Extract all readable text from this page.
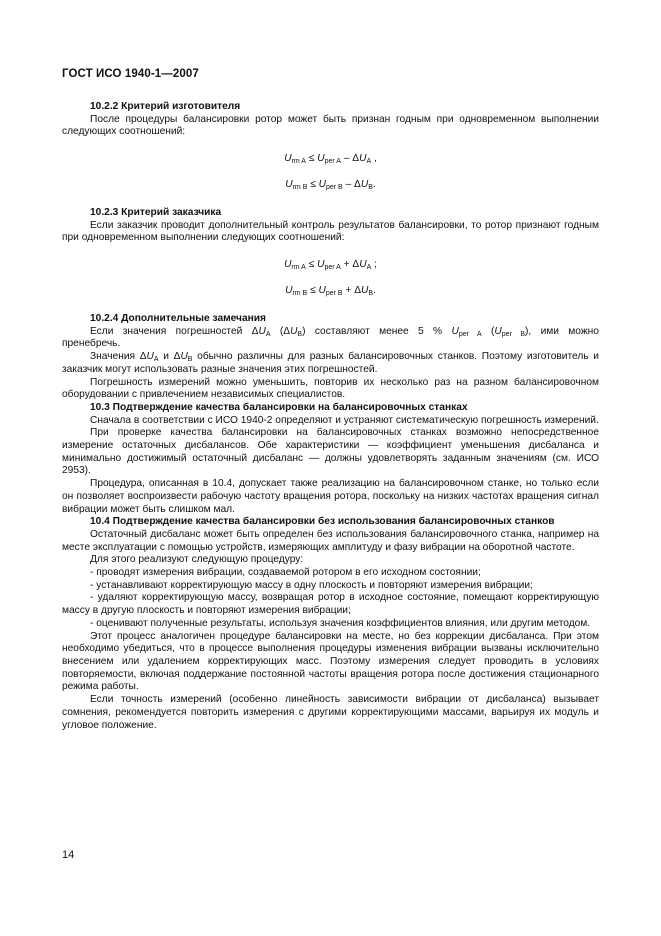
ГОСТ ИСО 1940-1—2007
10.2.2 Критерий изготовителя
После процедуры балансировки ротор может быть признан годным при одновременном выполнении следующих соотношений:
$U_{rm A} \le U_{per A} - \Delta U_A$ ,
$U_{rm B} \le U_{per B} - \Delta U_B$.
10.2.3 Критерий заказчика
Если заказчик проводит дополнительный контроль результатов балансировки, то ротор признают годным при одновременном выполнении следующих соотношений:
$U_{rm A} \le U_{per A} + \Delta U_A$ ;
$U_{rm B} \le U_{per B} + \Delta U_B$.
10.2.4 Дополнительные замечания
Если значения погрешностей $\Delta U_A$ $(\Delta U_B)$ составляют менее 5 % $U_{per A}$ $(U_{per B})$, ими можно
пренебречь.
Значения $\Delta U_A$ и $\Delta U_B$ обычно различны для разных балансировочных станков. Поэтому изготовитель и заказчик могут использовать разные значения этих погрешностей.
Погрешность измерений можно уменьшить, повторив их несколько раз на разном балансировочном оборудовании с привлечением независимых специалистов.
10.3 Подтверждение качества балансировки на балансировочных станках
Сначала в соответствии с ИСО 1940-2 определяют и устраняют систематическую погрешность измерений.
При проверке качества балансировки на балансировочных станках возможно непосредственное измерение остаточных дисбалансов. Обе характеристики — коэффициент уменьшения дисбаланса и минимально достижимый остаточный дисбаланс — должны удовлетворять заданным значениям (см. ИСО 2953).
Процедура, описанная в 10.4, допускает также реализацию на балансировочном станке, но только если он позволяет воспроизвести рабочую частоту вращения ротора, поскольку на низких частотах вращения сигнал вибрации может быть слишком мал.
10.4 Подтверждение качества балансировки без использования балансировочных станков
Остаточный дисбаланс может быть определен без использования балансировочного станка, например на месте эксплуатации с помощью устройств, измеряющих амплитуду и фазу вибрации на оборотной частоте.
Для этого реализуют следующую процедуру:
- проводят измерения вибрации, создаваемой ротором в его исходном состоянии;
- устанавливают корректирующую массу в одну плоскость и повторяют измерения вибрации;
- удаляют корректирующую массу, возвращая ротор в исходное состояние, помещают корректирующую массу в другую плоскость и повторяют измерения вибрации;
- оценивают полученные результаты, используя значения коэффициентов влияния, или другим методом.
Этот процесс аналогичен процедуре балансировки на месте, но без коррекции дисбаланса. При этом необходимо убедиться, что в процессе выполнения процедуры изменения вибрации вызваны исключительно внесением или удалением корректирующих масс. Поэтому измерения следует проводить в условиях повторяемости, включая поддержание постоянной частоты вращения ротора после достижения стационарного режима работы.
Если точность измерений (особенно линейность зависимости вибрации от дисбаланса) вызывает сомнения, рекомендуется повторить измерения с другими корректирующими массами, варьируя их модуль и угловое положение.
14
